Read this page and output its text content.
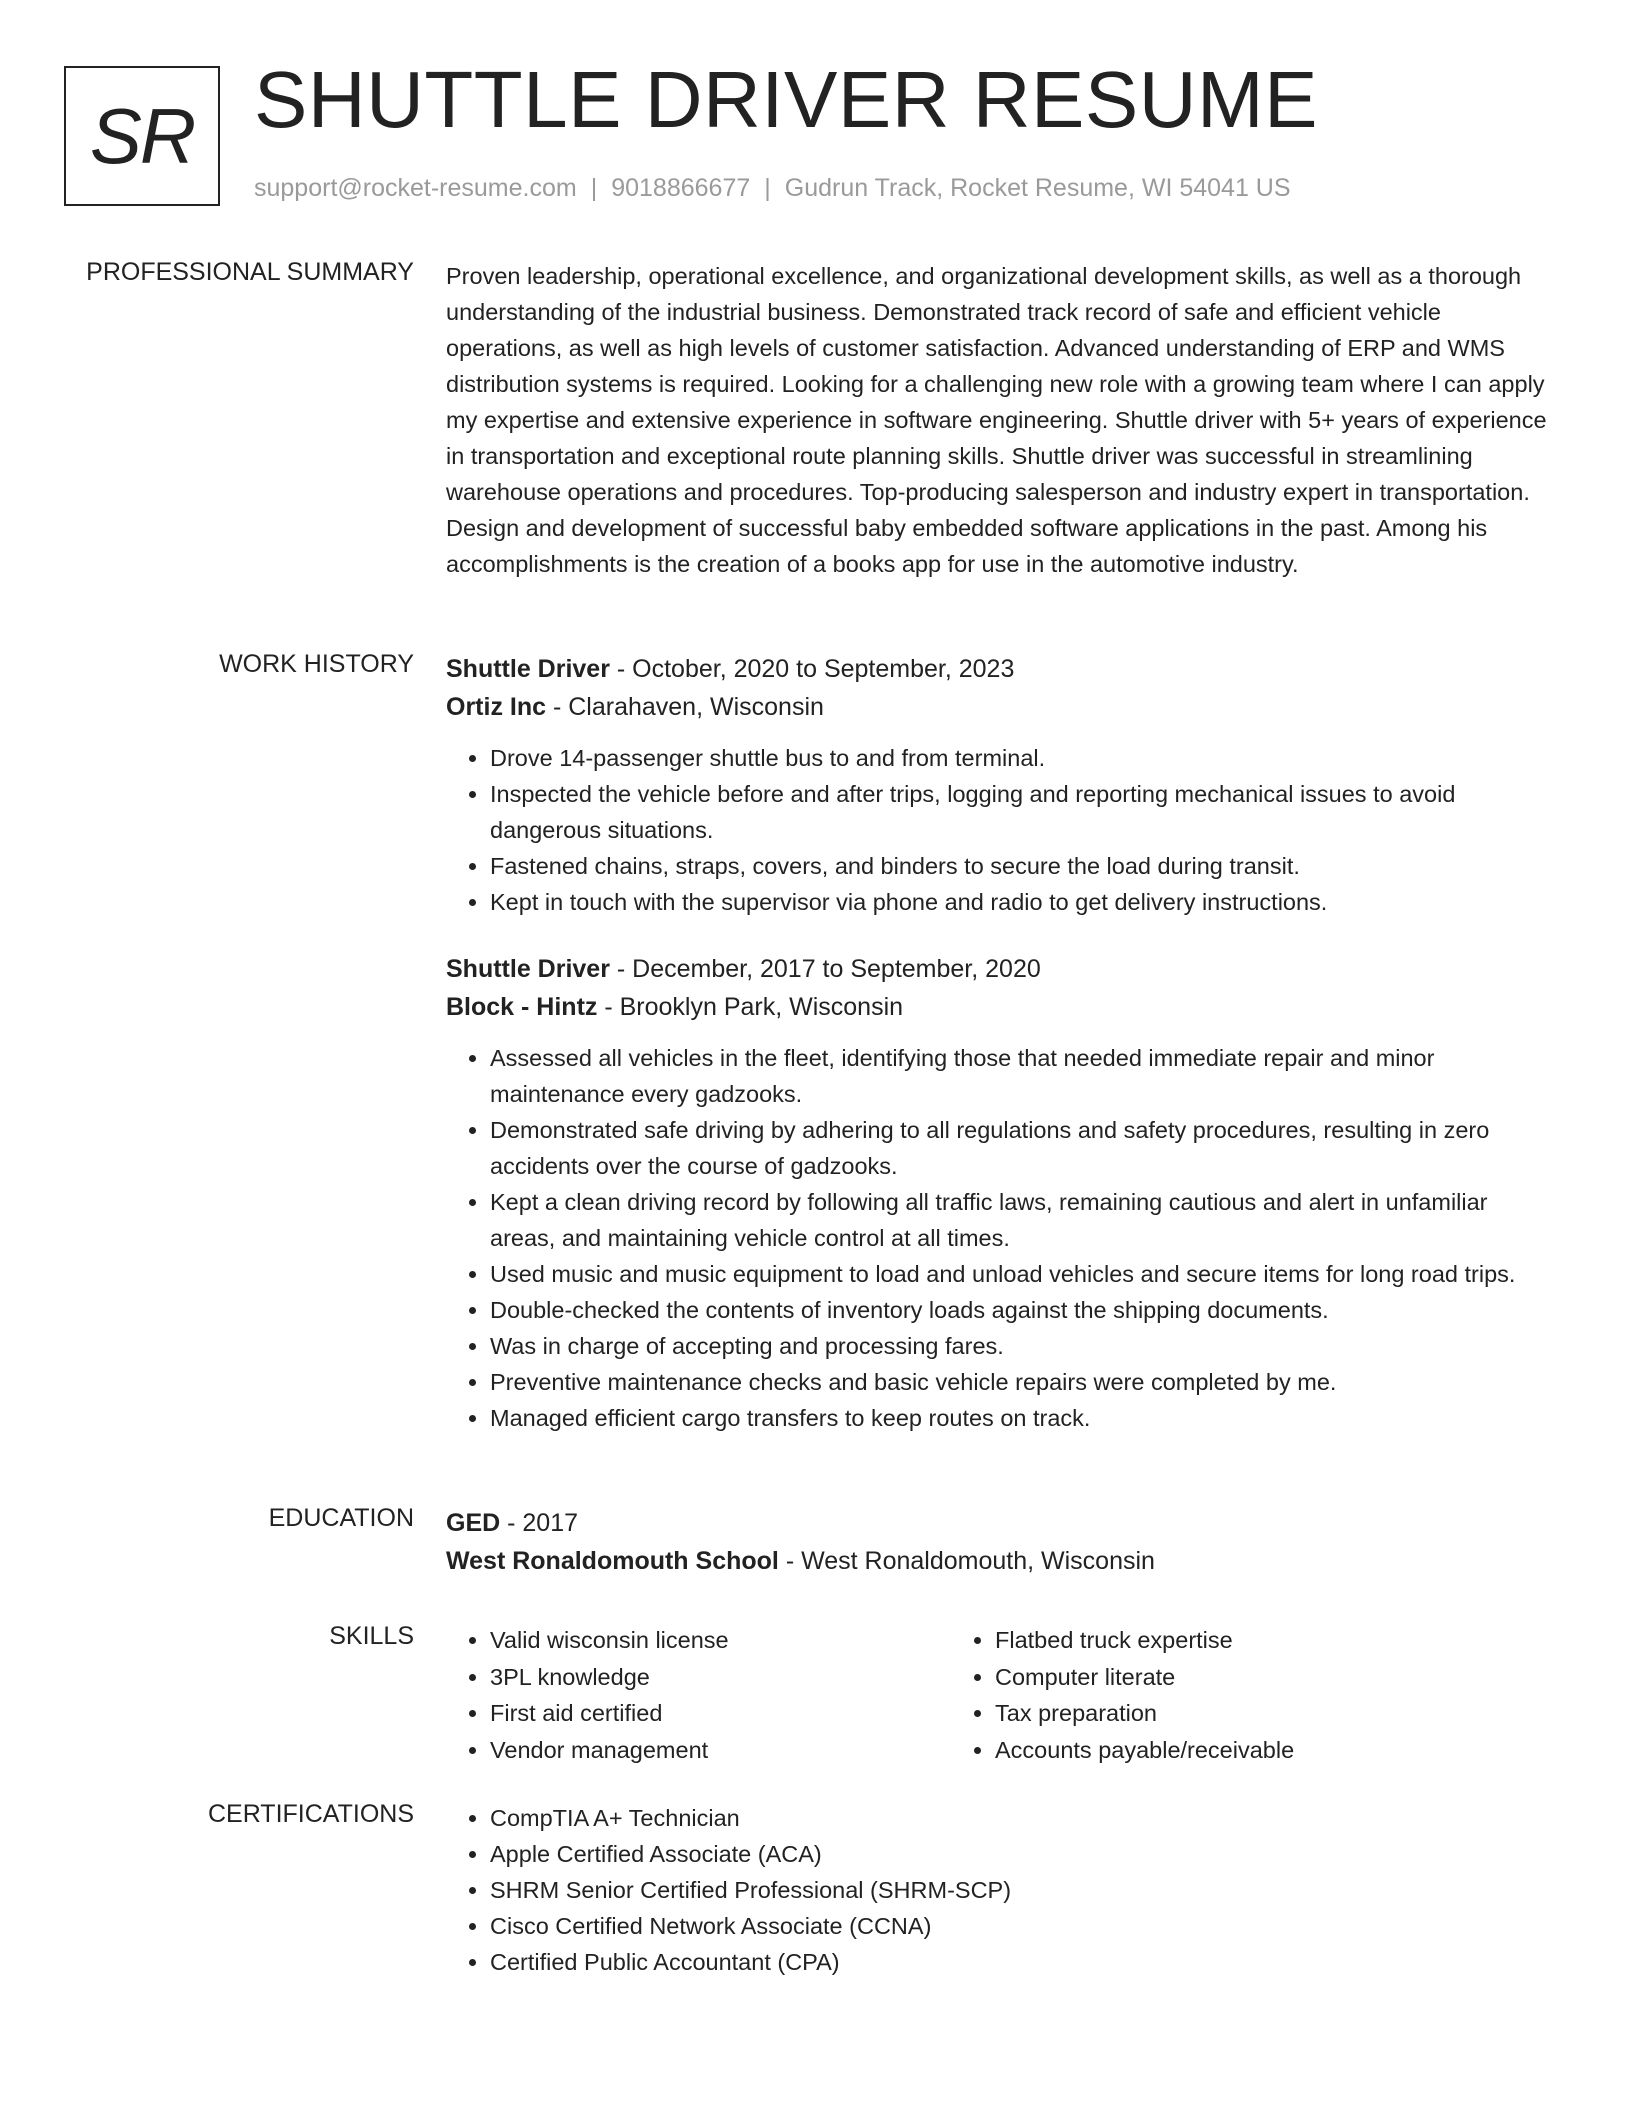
SR SHUTTLE DRIVER RESUME
support@rocket-resume.com | 9018866677 | Gudrun Track, Rocket Resume, WI 54041 US
PROFESSIONAL SUMMARY Proven leadership, operational excellence, and organizational development skills, as well as a thorough understanding of the industrial business. Demonstrated track record of safe and efficient vehicle operations, as well as high levels of customer satisfaction. Advanced understanding of ERP and WMS distribution systems is required. Looking for a challenging new role with a growing team where I can apply my expertise and extensive experience in software engineering. Shuttle driver with 5+ years of experience in transportation and exceptional route planning skills. Shuttle driver was successful in streamlining warehouse operations and procedures. Top-producing salesperson and industry expert in transportation. Design and development of successful baby embedded software applications in the past. Among his accomplishments is the creation of a books app for use in the automotive industry.

WORK HISTORY Shuttle Driver - October, 2020 to September, 2023
Ortiz Inc - Clarahaven, Wisconsin
• Drove 14-passenger shuttle bus to and from terminal.
• Inspected the vehicle before and after trips, logging and reporting mechanical issues to avoid dangerous situations.
• Fastened chains, straps, covers, and binders to secure the load during transit.
• Kept in touch with the supervisor via phone and radio to get delivery instructions.
Shuttle Driver - December, 2017 to September, 2020
Block - Hintz - Brooklyn Park, Wisconsin
• Assessed all vehicles in the fleet, identifying those that needed immediate repair and minor maintenance every gadzooks.
• Demonstrated safe driving by adhering to all regulations and safety procedures, resulting in zero accidents over the course of gadzooks.
• Kept a clean driving record by following all traffic laws, remaining cautious and alert in unfamiliar areas, and maintaining vehicle control at all times.
• Used music and music equipment to load and unload vehicles and secure items for long road trips.
• Double-checked the contents of inventory loads against the shipping documents.
• Was in charge of accepting and processing fares.
• Preventive maintenance checks and basic vehicle repairs were completed by me.
• Managed efficient cargo transfers to keep routes on track.
EDUCATION GED - 2017
West Ronaldomouth School - West Ronaldomouth, Wisconsin
SKILLS	• Valid wisconsin license
• 3PL knowledge
• First aid certified
• Vendor management
• Flatbed truck expertise
• Computer literate
• Tax preparation
• Accounts payable/receivable
CERTIFICATIONS	• CompTIA A+ Technician
• Apple Certified Associate (ACA)
• SHRM Senior Certified Professional (SHRM-SCP)
• Cisco Certified Network Associate (CCNA)
• Certified Public Accountant (CPA)
